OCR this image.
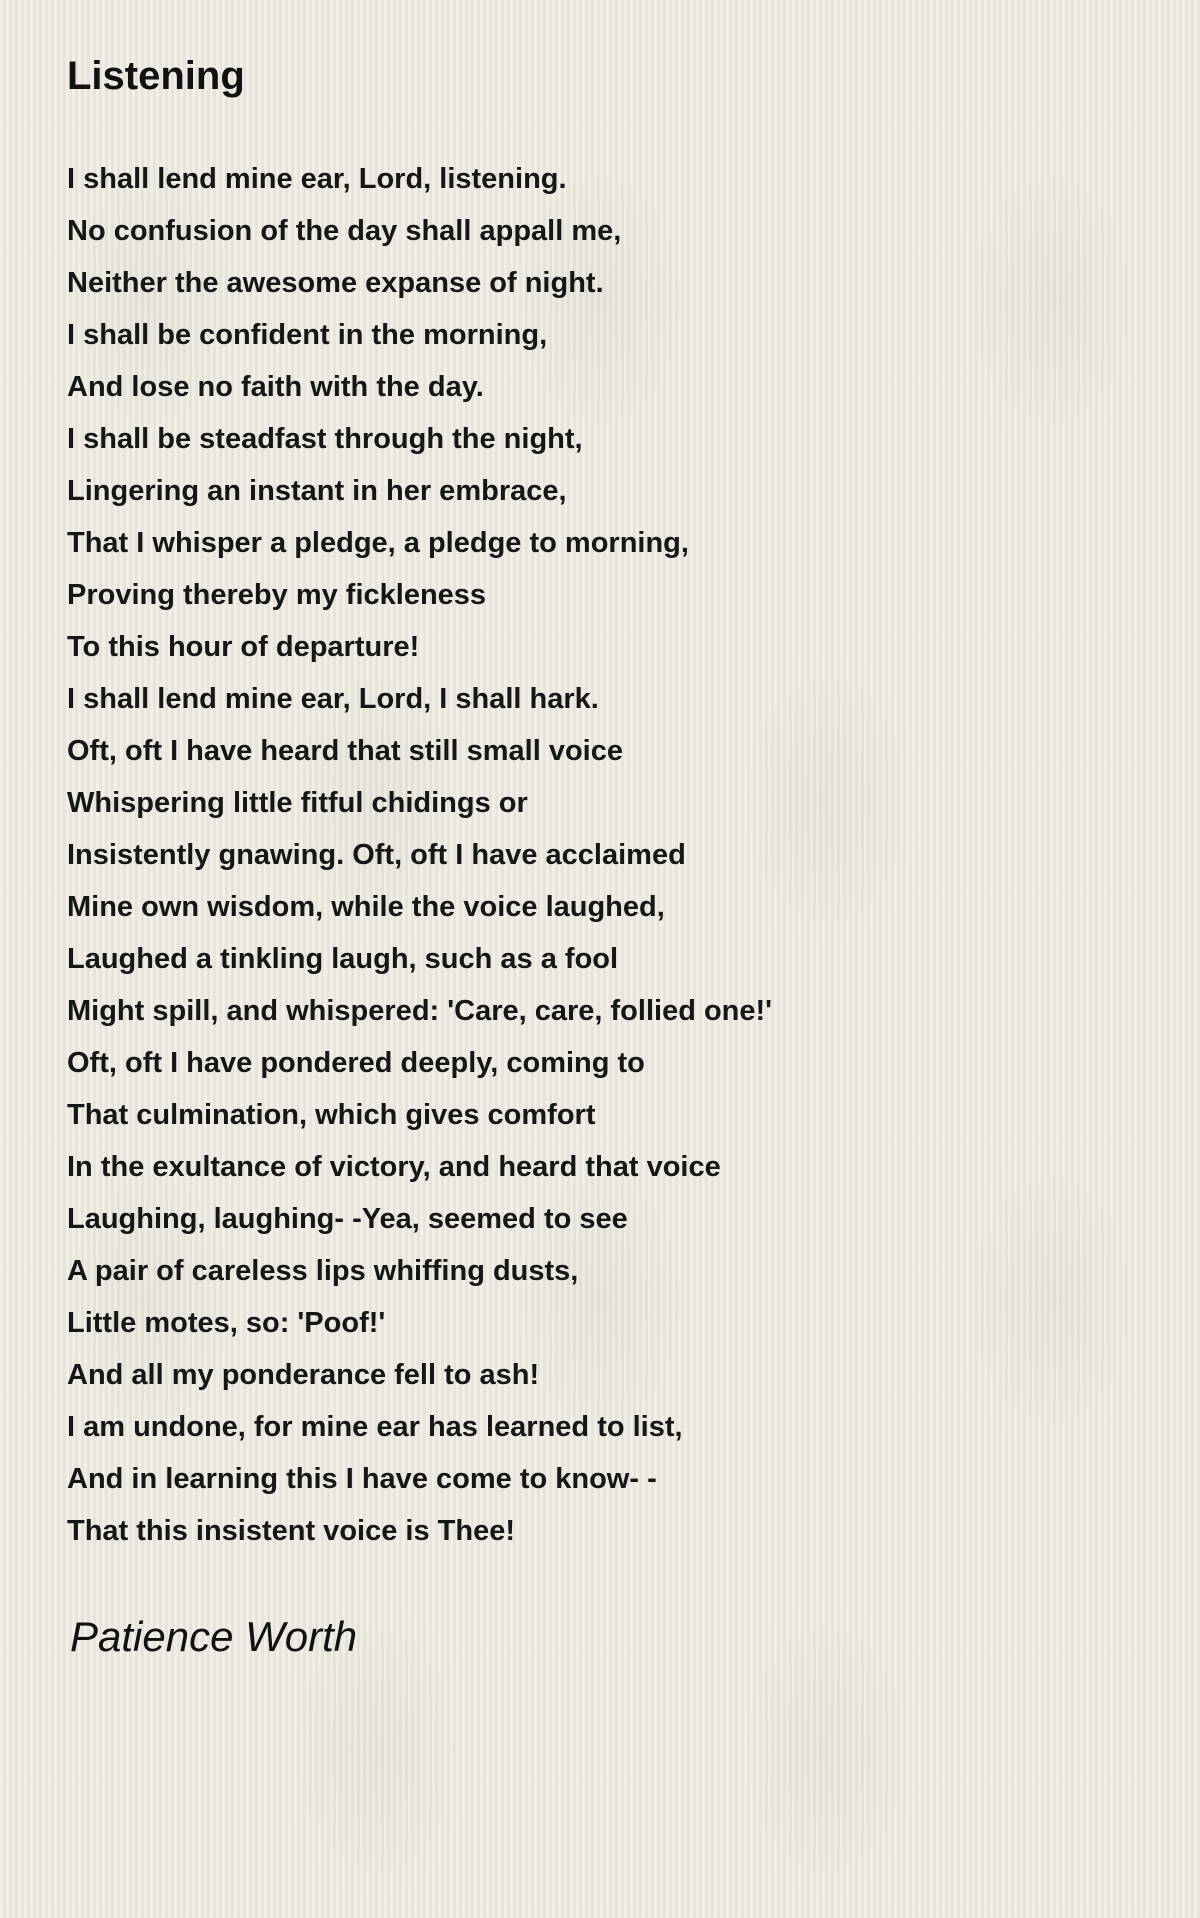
Listening
I shall lend mine ear, Lord, listening.
No confusion of the day shall appall me,
Neither the awesome expanse of night.
I shall be confident in the morning,
And lose no faith with the day.
I shall be steadfast through the night,
Lingering an instant in her embrace,
That I whisper a pledge, a pledge to morning,
Proving thereby my fickleness
To this hour of departure!
I shall lend mine ear, Lord, I shall hark.
Oft, oft I have heard that still small voice
Whispering little fitful chidings or
Insistently gnawing. Oft, oft I have acclaimed
Mine own wisdom, while the voice laughed,
Laughed a tinkling laugh, such as a fool
Might spill, and whispered: 'Care, care, follied one!'
Oft, oft I have pondered deeply, coming to
That culmination, which gives comfort
In the exultance of victory, and heard that voice
Laughing, laughing- -Yea, seemed to see
A pair of careless lips whiffing dusts,
Little motes, so: 'Poof!'
And all my ponderance fell to ash!
I am undone, for mine ear has learned to list,
And in learning this I have come to know- -
That this insistent voice is Thee!
Patience Worth
